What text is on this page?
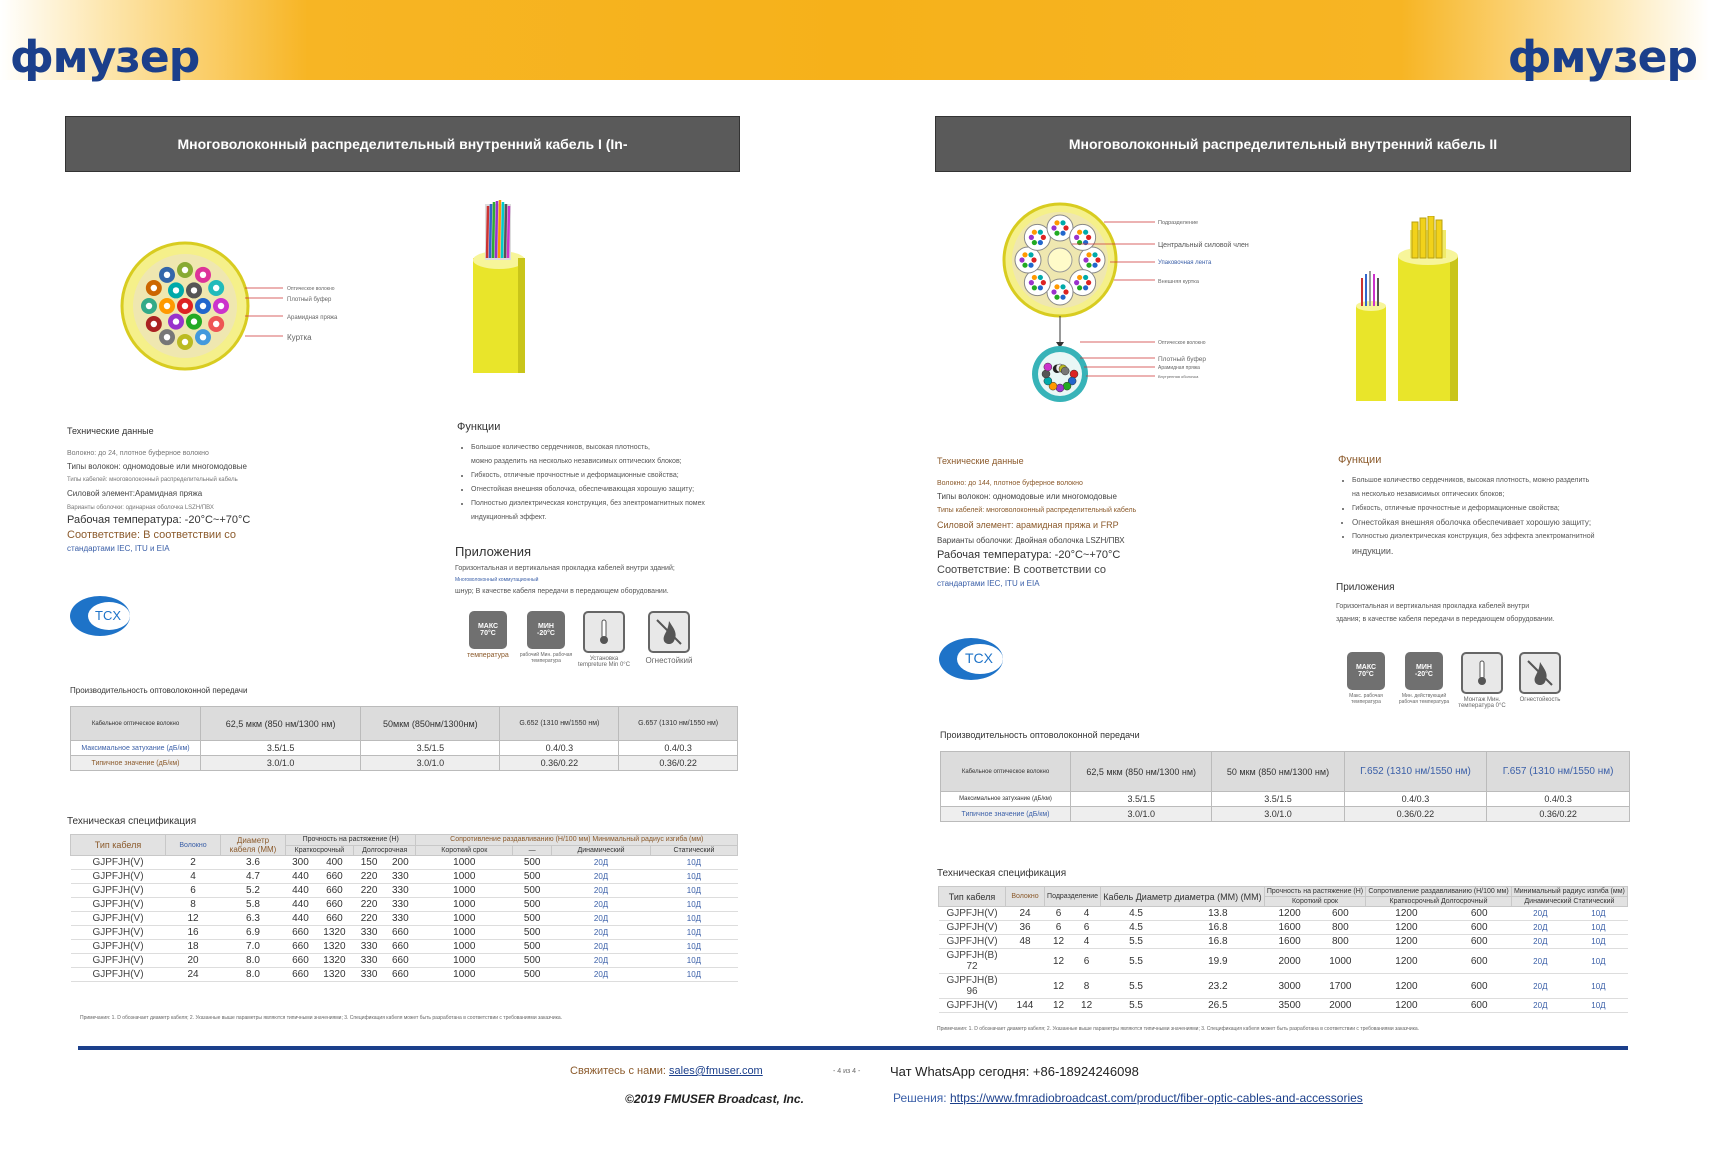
фмузер	фмузер
Многоволоконный распределительный внутренний кабель I (In-
Оптическое волокно
Плотный буфер
Арамидная пряжа
Куртка
Технические данные
Волокно: до 24, плотное буферное волокно
Типы волокон: одномодовые или многомодовые
Типы кабелей: многоволоконный распределительный кабель
Силовой элемент:Арамидная пряжа
Варианты оболочки: одинарная оболочка LSZH/ПВХ
Рабочая температура: -20°C~+70°C
Соответствие: В соответствии со
стандартами IEC, ITU и EIA
TCX
Функции
• Большое количество сердечников, высокая плотность,
можно разделить на несколько независимых оптических блоков;
• Гибкость, отличные прочностные и деформационные свойства;
• Огнестойкая внешняя оболочка, обеспечивающая хорошую защиту;
• Полностью диэлектрическая конструкция, без электромагнитных помех
индукционный эффект.
Приложения
Горизонтальная и вертикальная прокладка кабелей внутри зданий;
Многоволоконный коммутационный
шнур; В качестве кабеля передачи в передающем оборудовании.
МАКС
70°C
температура
МИН
-20°C
рабочий Мин. рабочая температура	Установка tempreture Min 0°C	Огнестойкий
Производительность оптоволоконной передачи
Кабельное оптическое волокно	62,5 мкм (850 нм/1300 нм)	50мкм (850нм/1300нм)	G.652 (1310 нм/1550 нм)	G.657 (1310 нм/1550 нм)
Максимальное затухание (дБ/км)	3.5/1.5	3.5/1.5	0.4/0.3	0.4/0.3
Типичное значение (дБ/км)	3.0/1.0	3.0/1.0	0.36/0.22	0.36/0.22
Техническая спецификация
Тип кабеля	Волокно	Диаметр кабеля (ММ)	Прочность на растяжение (Н)				Сопротивление раздавливанию (Н/100 мм) Минимальный радиус изгиба (мм)			
			Краткосрочный		Долгосрочная		Короткий срок	—	Динамический	Статический
GJPFJH(V)	2	3.6	300	400	150	200	1000	500	20Д	10Д
GJPFJH(V)	4	4.7	440	660	220	330	1000	500	20Д	10Д
GJPFJH(V)	6	5.2	440	660	220	330	1000	500	20Д	10Д
GJPFJH(V)	8	5.8	440	660	220	330	1000	500	20Д	10Д
GJPFJH(V)	12	6.3	440	660	220	330	1000	500	20Д	10Д
GJPFJH(V)	16	6.9	660	1320	330	660	1000	500	20Д	10Д
GJPFJH(V)	18	7.0	660	1320	330	660	1000	500	20Д	10Д
GJPFJH(V)	20	8.0	660	1320	330	660	1000	500	20Д	10Д
GJPFJH(V)	24	8.0	660	1320	330	660	1000	500	20Д	10Д
Примечания: 1. D обозначает диаметр кабеля; 2. Указанные выше параметры являются типичными значениями; 3. Спецификация кабеля может быть разработана в соответствии с требованиями заказчика.
Многоволоконный распределительный внутренний кабель II
Подразделение
Центральный силовой член
Упаковочная лента
Внешняя куртка
Оптическое волокно
Плотный буфер
Арамидная пряжа
Внутренняя оболочка
Технические данные
Волокно: до 144, плотное буферное волокно
Типы волокон: одномодовые или многомодовые
Типы кабелей: многоволоконный распределительный кабель
Силовой элемент: арамидная пряжа и FRP
Варианты оболочки: Двойная оболочка LSZH/ПВХ
Рабочая температура: -20°C~+70°C
Соответствие: В соответствии со
стандартами IEC, ITU и EIA
TCX
Функции
• Большое количество сердечников, высокая плотность, можно разделить
на несколько независимых оптических блоков;
• Гибкость, отличные прочностные и деформационные свойства;
• Огнестойкая внешняя оболочка обеспечивает хорошую защиту;
• Полностью диэлектрическая конструкция, без эффекта электромагнитной
индукции.
Приложения
Горизонтальная и вертикальная прокладка кабелей внутри
здания; в качестве кабеля передачи в передающем оборудовании.
МАКС
70°C
Макс. рабочая температура
МИН
-20°C
Мин. действующий рабочая температура	Монтаж Мин. температура 0°C
Огнестойкость
Производительность оптоволоконной передачи
Кабельное оптическое волокно	62,5 мкм (850 нм/1300 нм)	50 мкм (850 нм/1300 нм)	Г.652 (1310 нм/1550 нм)	Г.657 (1310 нм/1550 нм)
Максимальное затухание (дБ/км)	3.5/1.5	3.5/1.5	0.4/0.3	0.4/0.3
Типичное значение (дБ/км)	3.0/1.0	3.0/1.0	0.36/0.22	0.36/0.22
Техническая спецификация
Тип кабеля	Волокно	Подразделение		Кабель Диаметр диаметра (ММ) (ММ)		Прочность на растяжение (Н)		Сопротивление раздавливанию (Н/100 мм)		Минимальный радиус изгиба (мм)	
						Короткий срок		Краткосрочный Долгосрочный		Динамический Статический	
GJPFJH(V)	24	6	4	4.5	13.8	1200	600	1200	600	20Д	10Д
GJPFJH(V)	36	6	6	4.5	16.8	1600	800	1200	600	20Д	10Д
GJPFJH(V)	48	12	4	5.5	16.8	1600	800	1200	600	20Д	10Д
GJPFJH(B) 72		12	6	5.5	19.9	2000	1000	1200	600	20Д	10Д
GJPFJH(B) 96		12	8	5.5	23.2	3000	1700	1200	600	20Д	10Д
GJPFJH(V)	144	12	12	5.5	26.5	3500	2000	1200	600	20Д	10Д
Примечания: 1. D обозначает диаметр кабеля; 2. Указанные выше параметры являются типичными значениями; 3. Спецификация кабеля может быть разработана в соответствии с требованиями заказчика.
Свяжитесь с нами: sales@fmuser.com	- 4 из 4 - Чат WhatsApp сегодня: +86-18924246098
©2019 FMUSER Broadcast, Inc.	Решения: https://www.fmradiobroadcast.com/product/fiber-optic-cables-and-accessories
